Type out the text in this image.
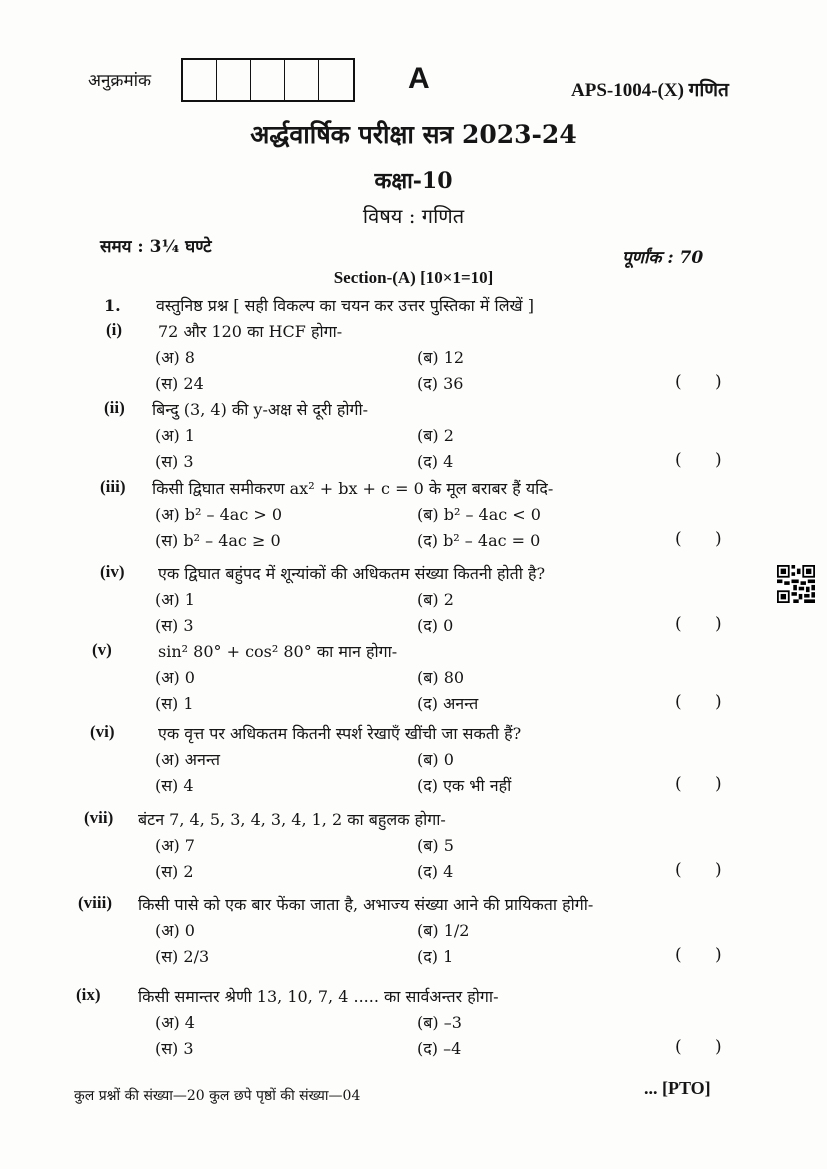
अनुक्रमांक	A	APS-1004-(X) गणित
अर्द्धवार्षिक परीक्षा सत्र 2023-24
कक्षा-10
विषय : गणित
समय : 3¼ घण्टे
पूर्णांक : 70
Section-(A) [10×1=10]
1. वस्तुनिष्ठ प्रश्न [ सही विकल्प का चयन कर उत्तर पुस्तिका में लिखें ]
(i) 72 और 120 का HCF होगा-
(अ) 8	(ब) 12
(स) 24	(द) 36	( )
(ii) बिन्दु (3, 4) की y-अक्ष से दूरी होगी-
(अ) 1	(ब) 2
(स) 3	(द) 4	( )
(iii) किसी द्विघात समीकरण ax² + bx + c = 0 के मूल बराबर हैं यदि-
(अ) b² – 4ac > 0	(ब) b² – 4ac < 0
(स) b² – 4ac ≥ 0	(द) b² – 4ac = 0	( )
(iv) एक द्विघात बहुंपद में शून्यांकों की अधिकतम संख्या कितनी होती है?
(अ) 1	(ब) 2
(स) 3	(द) 0	( )
(v)	sin² 80° + cos² 80° का मान होगा-
(अ) 0	(ब) 80
(स) 1	(द) अनन्त	( )
(vi)	एक वृत्त पर अधिकतम कितनी स्पर्श रेखाएँ खींची जा सकती हैं?
(अ) अनन्त	(ब) 0
(स) 4	(द) एक भी नहीं	( )
(vii) बंटन 7, 4, 5, 3, 4, 3, 4, 1, 2 का बहुलक होगा-
(अ) 7	(ब) 5
(स) 2	(द) 4	( )
(viii) किसी पासे को एक बार फेंका जाता है, अभाज्य संख्या आने की प्रायिकता होगी-
(अ) 0	(ब) 1/2
(स) 2/3	(द) 1	( )
(ix) किसी समान्तर श्रेणी 13, 10, 7, 4 ..... का सार्वअन्तर होगा-
(अ) 4	(ब) –3
(स) 3	(द) –4	( )
कुल प्रश्नों की संख्या—20 कुल छपे पृष्ठों की संख्या—04	... [PTO]
